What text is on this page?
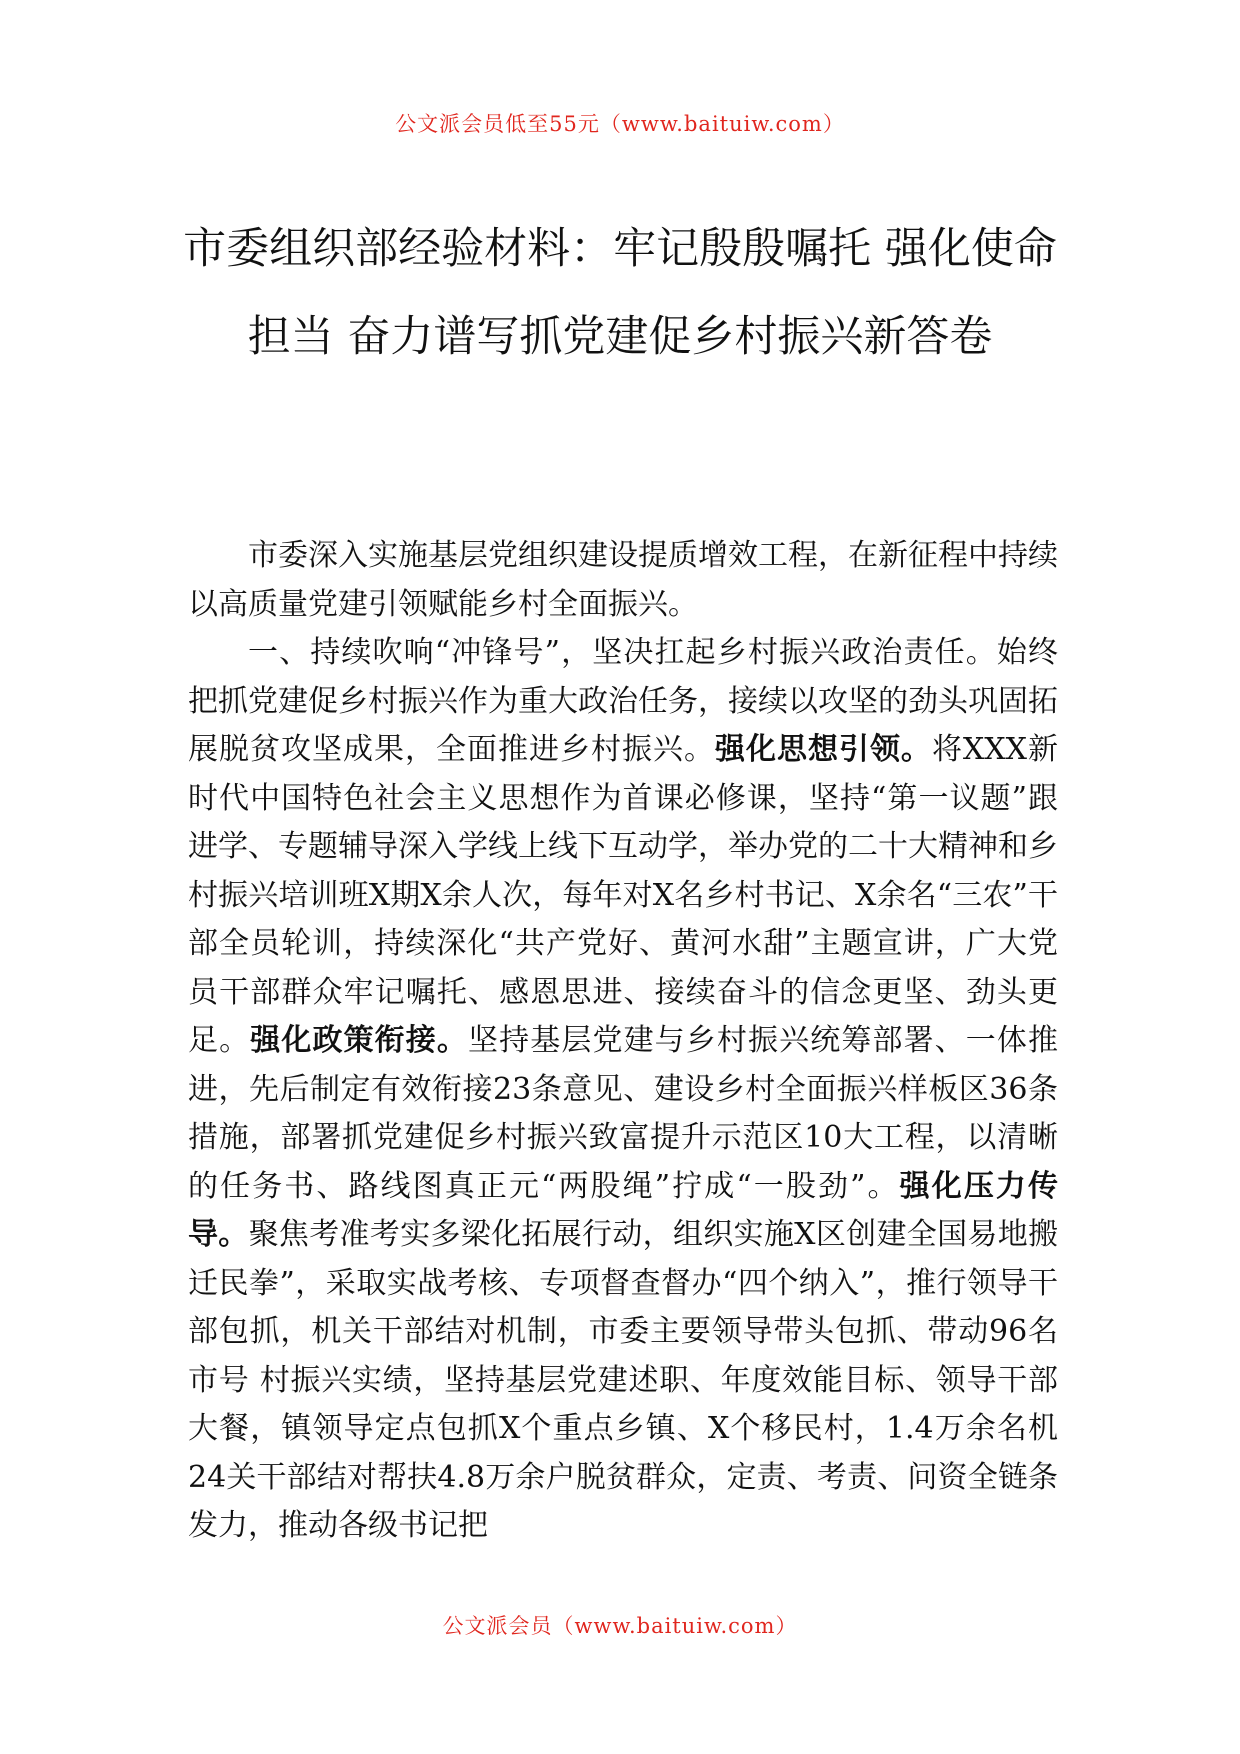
公文派会员低至55元（www.baituiw.com）
市委组织部经验材料：牢记殷殷嘱托 强化使命担当 奋力谱写抓党建促乡村振兴新答卷

市委深入实施基层党组织建设提质增效工程，在新征程中持续以高质量党建引领赋能乡村全面振兴。

一、持续吹响“冲锋号”，坚决扛起乡村振兴政治责任。始终把抓党建促乡村振兴作为重大政治任务，接续以攻坚的劲头巩固拓展脱贫攻坚成果，全面推进乡村振兴。强化思想引领。将XXX新时代中国特色社会主义思想作为首课必修课，坚持“第一议题”跟进学、专题辅导深入学线上线下互动学，举办党的二十大精神和乡村振兴培训班X期X余人次，每年对X名乡村书记、X余名“三农”干部全员轮训，持续深化“共产党好、黄河水甜”主题宣讲，广大党员干部群众牢记嘱托、感恩思进、接续奋斗的信念更坚、劲头更足。强化政策衔接。坚持基层党建与乡村振兴统筹部署、一体推进，先后制定有效衔接23条意见、建设乡村全面振兴样板区36条措施，部署抓党建促乡村振兴致富提升示范区10大工程，以清晰的任务书、路线图真正元“两股绳”拧成“一股劲”。强化压力传导。聚焦考准考实多梁化拓展行动，组织实施X区创建全国易地搬迁民拳”，采取实战考核、专项督查督办“四个纳入”，推行领导干部包抓，机关干部结对机制，市委主要领导带头包抓、带动96名市号 村振兴实绩，坚持基层党建述职、年度效能目标、领导干部大餐，镇领导定点包抓X个重点乡镇、X个移民村，1.4万余名机 24关干部结对帮扶4.8万余户脱贫群众，定责、考责、问资全链条发力，推动各级书记把

公文派会员（www.baituiw.com）
